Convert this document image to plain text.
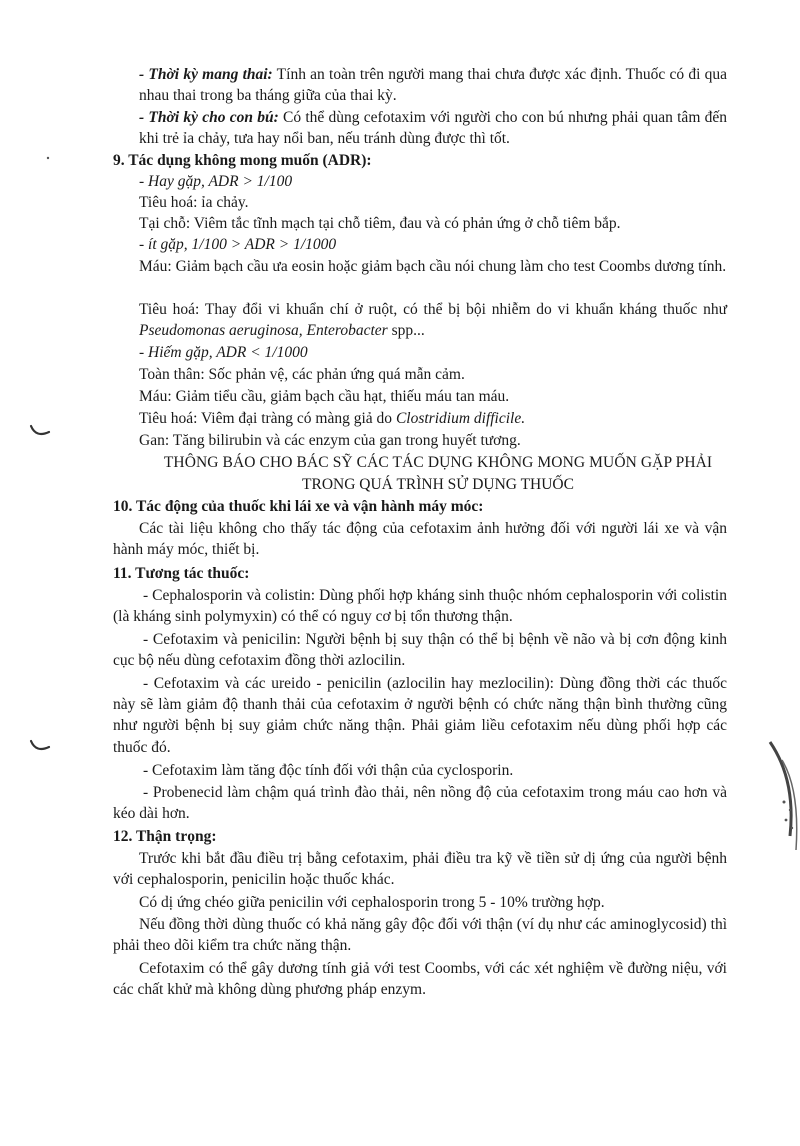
- Thời kỳ mang thai: Tính an toàn trên người mang thai chưa được xác định. Thuốc có đi qua nhau thai trong ba tháng giữa của thai kỳ.

- Thời kỳ cho con bú: Có thể dùng cefotaxim với người cho con bú nhưng phải quan tâm đến khi trẻ ỉa chảy, tưa hay nổi ban, nếu tránh dùng được thì tốt.

9. Tác dụng không mong muốn (ADR):

- Hay gặp, ADR > 1/100

Tiêu hoá: ỉa chảy.

Tại chỗ: Viêm tắc tĩnh mạch tại chỗ tiêm, đau và có phản ứng ở chỗ tiêm bắp.

- ít gặp, 1/100 > ADR > 1/1000

Máu: Giảm bạch cầu ưa eosin hoặc giảm bạch cầu nói chung làm cho test Coombs dương tính.

Tiêu hoá: Thay đổi vi khuẩn chí ở ruột, có thể bị bội nhiễm do vi khuẩn kháng thuốc như Pseudomonas aeruginosa, Enterobacter spp...

- Hiếm gặp, ADR < 1/1000

Toàn thân: Sốc phản vệ, các phản ứng quá mẫn cảm.

Máu: Giảm tiểu cầu, giảm bạch cầu hạt, thiếu máu tan máu.

Tiêu hoá: Viêm đại tràng có màng giả do Clostridium difficile.

Gan: Tăng bilirubin và các enzym của gan trong huyết tương.

THÔNG BÁO CHO BÁC SỸ CÁC TÁC DỤNG KHÔNG MONG MUỐN GẶP PHẢI

TRONG QUÁ TRÌNH SỬ DỤNG THUỐC

10. Tác động của thuốc khi lái xe và vận hành máy móc:

Các tài liệu không cho thấy tác động của cefotaxim ảnh hưởng đối với người lái xe và vận hành máy móc, thiết bị.

11. Tương tác thuốc:

- Cephalosporin và colistin: Dùng phối hợp kháng sinh thuộc nhóm cephalosporin với colistin (là kháng sinh polymyxin) có thể có nguy cơ bị tổn thương thận.

- Cefotaxim và penicilin: Người bệnh bị suy thận có thể bị bệnh về não và bị cơn động kinh cục bộ nếu dùng cefotaxim đồng thời azlocilin.

- Cefotaxim và các ureido - penicilin (azlocilin hay mezlocilin): Dùng đồng thời các thuốc này sẽ làm giảm độ thanh thải của cefotaxim ở người bệnh có chức năng thận bình thường cũng như người bệnh bị suy giảm chức năng thận. Phải giảm liều cefotaxim nếu dùng phối hợp các thuốc đó.

- Cefotaxim làm tăng độc tính đối với thận của cyclosporin.

- Probenecid làm chậm quá trình đào thải, nên nồng độ của cefotaxim trong máu cao hơn và kéo dài hơn.

12. Thận trọng:

Trước khi bắt đầu điều trị bằng cefotaxim, phải điều tra kỹ về tiền sử dị ứng của người bệnh với cephalosporin, penicilin hoặc thuốc khác.

Có dị ứng chéo giữa penicilin với cephalosporin trong 5 - 10% trường hợp.

Nếu đồng thời dùng thuốc có khả năng gây độc đối với thận (ví dụ như các aminoglycosid) thì phải theo dõi kiểm tra chức năng thận.

Cefotaxim có thể gây dương tính giả với test Coombs, với các xét nghiệm về đường niệu, với các chất khử mà không dùng phương pháp enzym.
